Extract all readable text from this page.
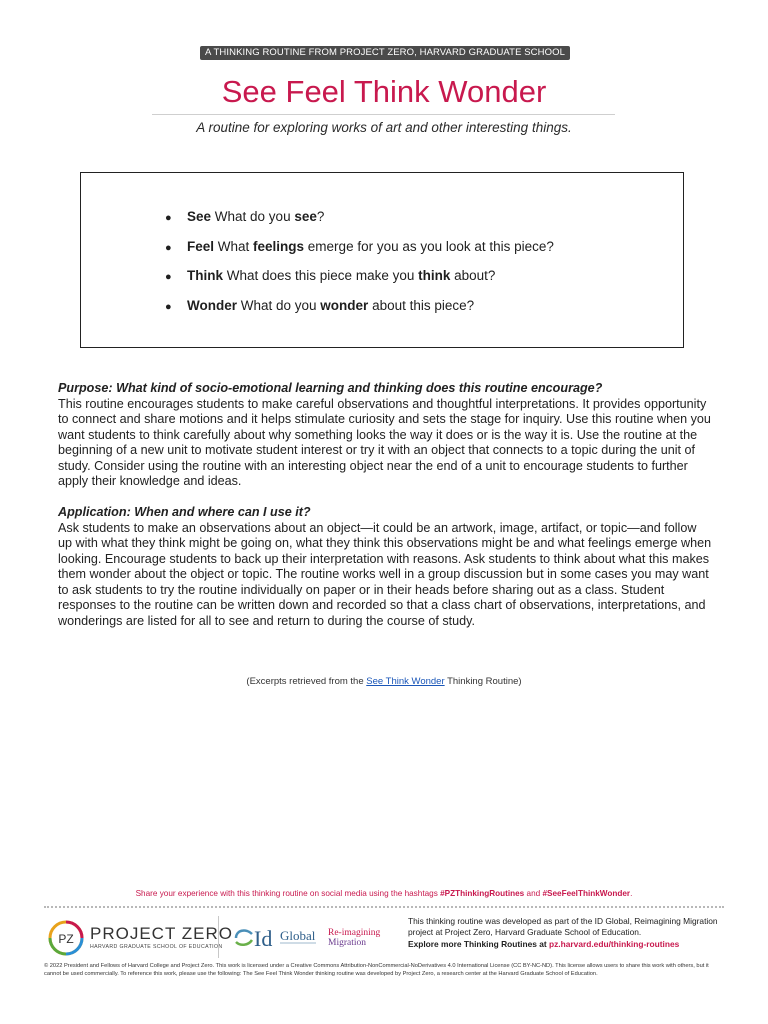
A THINKING ROUTINE FROM PROJECT ZERO, HARVARD GRADUATE SCHOOL OF EDUCATION
See Feel Think Wonder
A routine for exploring works of art and other interesting things.
● See What do you see?
● Feel What feelings emerge for you as you look at this piece?
● Think What does this piece make you think about?
● Wonder What do you wonder about this piece?

Purpose: What kind of socio-emotional learning and thinking does this routine encourage?

This routine encourages students to make careful observations and thoughtful interpretations. It provides opportunity to connect and share motions and it helps stimulate curiosity and sets the stage for inquiry. Use this routine when you want students to think carefully about why something looks the way it does or is the way it is. Use the routine at the beginning of a new unit to motivate student interest or try it with an object that connects to a topic during the unit of study. Consider using the routine with an interesting object near the end of a unit to encourage students to further apply their knowledge and ideas.

Application: When and where can I use it?

Ask students to make an observations about an object—it could be an artwork, image, artifact, or topic—and follow up with what they think might be going on, what they think this observations might be and what feelings emerge when looking. Encourage students to back up their interpretation with reasons. Ask students to think about what this makes them wonder about the object or topic. The routine works well in a group discussion but in some cases you may want to ask students to try the routine individually on paper or in their heads before sharing out as a class. Student responses to the routine can be written down and recorded so that a class chart of observations, interpretations, and wonderings are listed for all to see and return to during the course of study.

(Excerpts retrieved from the See Think Wonder Thinking Routine)
Share your experience with this thinking routine on social media using the hashtags #PZThinkingRoutines and #SeeFeelThinkWonder.
PZ PROJECT ZERO
HARVARD GRADUATE SCHOOL OF EDUCATION Id Global Re-imagining
Migration
This thinking routine was developed as part of the ID Global, Reimagining Migration project at Project Zero, Harvard Graduate School of Education.
Explore more Thinking Routines at pz.harvard.edu/thinking-routines
© 2022 President and Fellows of Harvard College and Project Zero. This work is licensed under a Creative Commons Attribution-NonCommercial-NoDerivatives 4.0 International License (CC BY-NC-ND). This license allows users to share this work with others, but it cannot be used commercially. To reference this work, please use the following: The See Feel Think Wonder thinking routine was developed by Project Zero, a research center at the Harvard Graduate School of Education.
